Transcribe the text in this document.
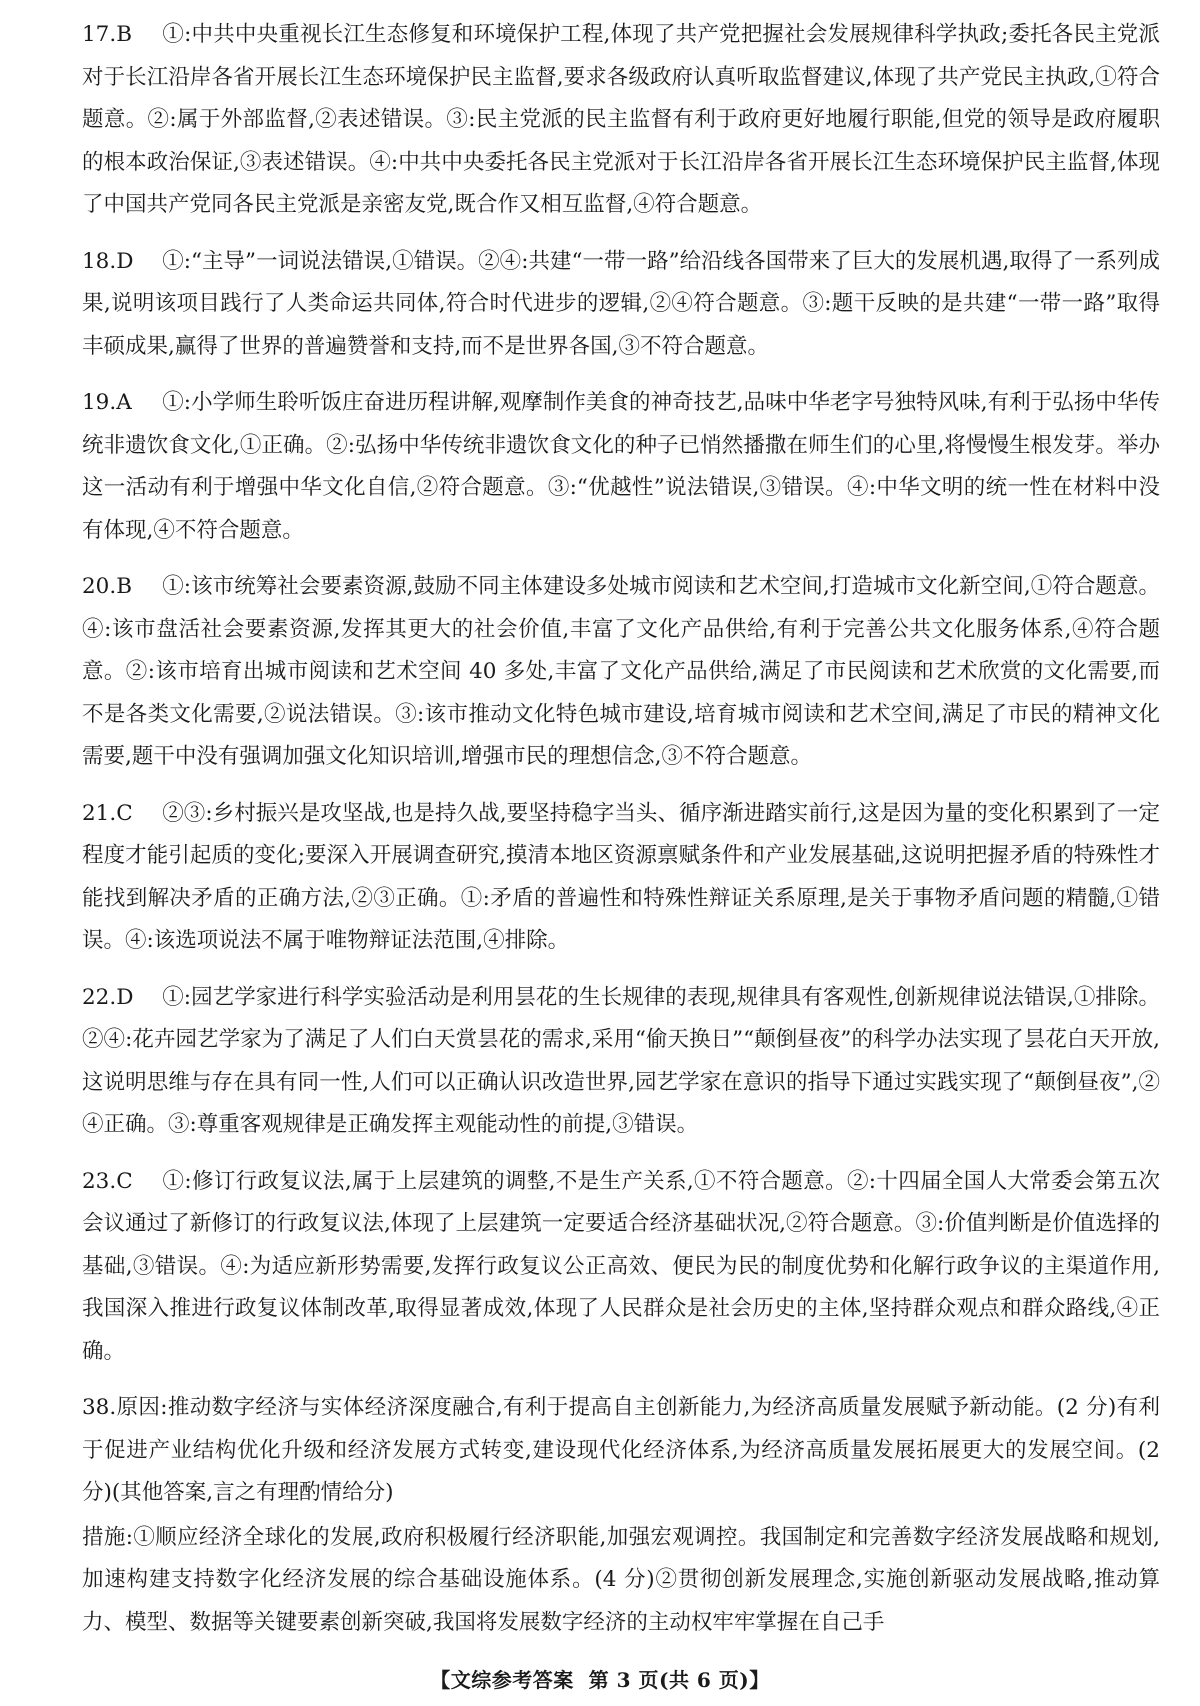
17.B ①:中共中央重视长江生态修复和环境保护工程,体现了共产党把握社会发展规律科学执政;委托各民主党派对于长江沿岸各省开展长江生态环境保护民主监督,要求各级政府认真听取监督建议,体现了共产党民主执政,①符合题意。②:属于外部监督,②表述错误。③:民主党派的民主监督有利于政府更好地履行职能,但党的领导是政府履职的根本政治保证,③表述错误。④:中共中央委托各民主党派对于长江沿岸各省开展长江生态环境保护民主监督,体现了中国共产党同各民主党派是亲密友党,既合作又相互监督,④符合题意。

18.D ①:“主导”一词说法错误,①错误。②④:共建“一带一路”给沿线各国带来了巨大的发展机遇,取得了一系列成果,说明该项目践行了人类命运共同体,符合时代进步的逻辑,②④符合题意。③:题干反映的是共建“一带一路”取得丰硕成果,赢得了世界的普遍赞誉和支持,而不是世界各国,③不符合题意。

19.A ①:小学师生聆听饭庄奋进历程讲解,观摩制作美食的神奇技艺,品味中华老字号独特风味,有利于弘扬中华传统非遗饮食文化,①正确。②:弘扬中华传统非遗饮食文化的种子已悄然播撒在师生们的心里,将慢慢生根发芽。举办这一活动有利于增强中华文化自信,②符合题意。③:“优越性”说法错误,③错误。④:中华文明的统一性在材料中没有体现,④不符合题意。

20.B ①:该市统筹社会要素资源,鼓励不同主体建设多处城市阅读和艺术空间,打造城市文化新空间,①符合题意。④:该市盘活社会要素资源,发挥其更大的社会价值,丰富了文化产品供给,有利于完善公共文化服务体系,④符合题意。②:该市培育出城市阅读和艺术空间 40 多处,丰富了文化产品供给,满足了市民阅读和艺术欣赏的文化需要,而不是各类文化需要,②说法错误。③:该市推动文化特色城市建设,培育城市阅读和艺术空间,满足了市民的精神文化需要,题干中没有强调加强文化知识培训,增强市民的理想信念,③不符合题意。

21.C ②③:乡村振兴是攻坚战,也是持久战,要坚持稳字当头、循序渐进踏实前行,这是因为量的变化积累到了一定程度才能引起质的变化;要深入开展调查研究,摸清本地区资源禀赋条件和产业发展基础,这说明把握矛盾的特殊性才能找到解决矛盾的正确方法,②③正确。①:矛盾的普遍性和特殊性辩证关系原理,是关于事物矛盾问题的精髓,①错误。④:该选项说法不属于唯物辩证法范围,④排除。

22.D ①:园艺学家进行科学实验活动是利用昙花的生长规律的表现,规律具有客观性,创新规律说法错误,①排除。②④:花卉园艺学家为了满足了人们白天赏昙花的需求,采用“偷天换日”“颠倒昼夜”的科学办法实现了昙花白天开放,这说明思维与存在具有同一性,人们可以正确认识改造世界,园艺学家在意识的指导下通过实践实现了“颠倒昼夜”,②④正确。③:尊重客观规律是正确发挥主观能动性的前提,③错误。

23.C ①:修订行政复议法,属于上层建筑的调整,不是生产关系,①不符合题意。②:十四届全国人大常委会第五次会议通过了新修订的行政复议法,体现了上层建筑一定要适合经济基础状况,②符合题意。③:价值判断是价值选择的基础,③错误。④:为适应新形势需要,发挥行政复议公正高效、便民为民的制度优势和化解行政争议的主渠道作用,我国深入推进行政复议体制改革,取得显著成效,体现了人民群众是社会历史的主体,坚持群众观点和群众路线,④正确。

38.原因:推动数字经济与实体经济深度融合,有利于提高自主创新能力,为经济高质量发展赋予新动能。(2 分)有利于促进产业结构优化升级和经济发展方式转变,建设现代化经济体系,为经济高质量发展拓展更大的发展空间。(2 分)(其他答案,言之有理酌情给分)

措施:①顺应经济全球化的发展,政府积极履行经济职能,加强宏观调控。我国制定和完善数字经济发展战略和规划,加速构建支持数字化经济发展的综合基础设施体系。(4 分)②贯彻创新发展理念,实施创新驱动发展战略,推动算力、模型、数据等关键要素创新突破,我国将发展数字经济的主动权牢牢掌握在自己手

【文综参考答案 第 3 页(共 6 页)】
